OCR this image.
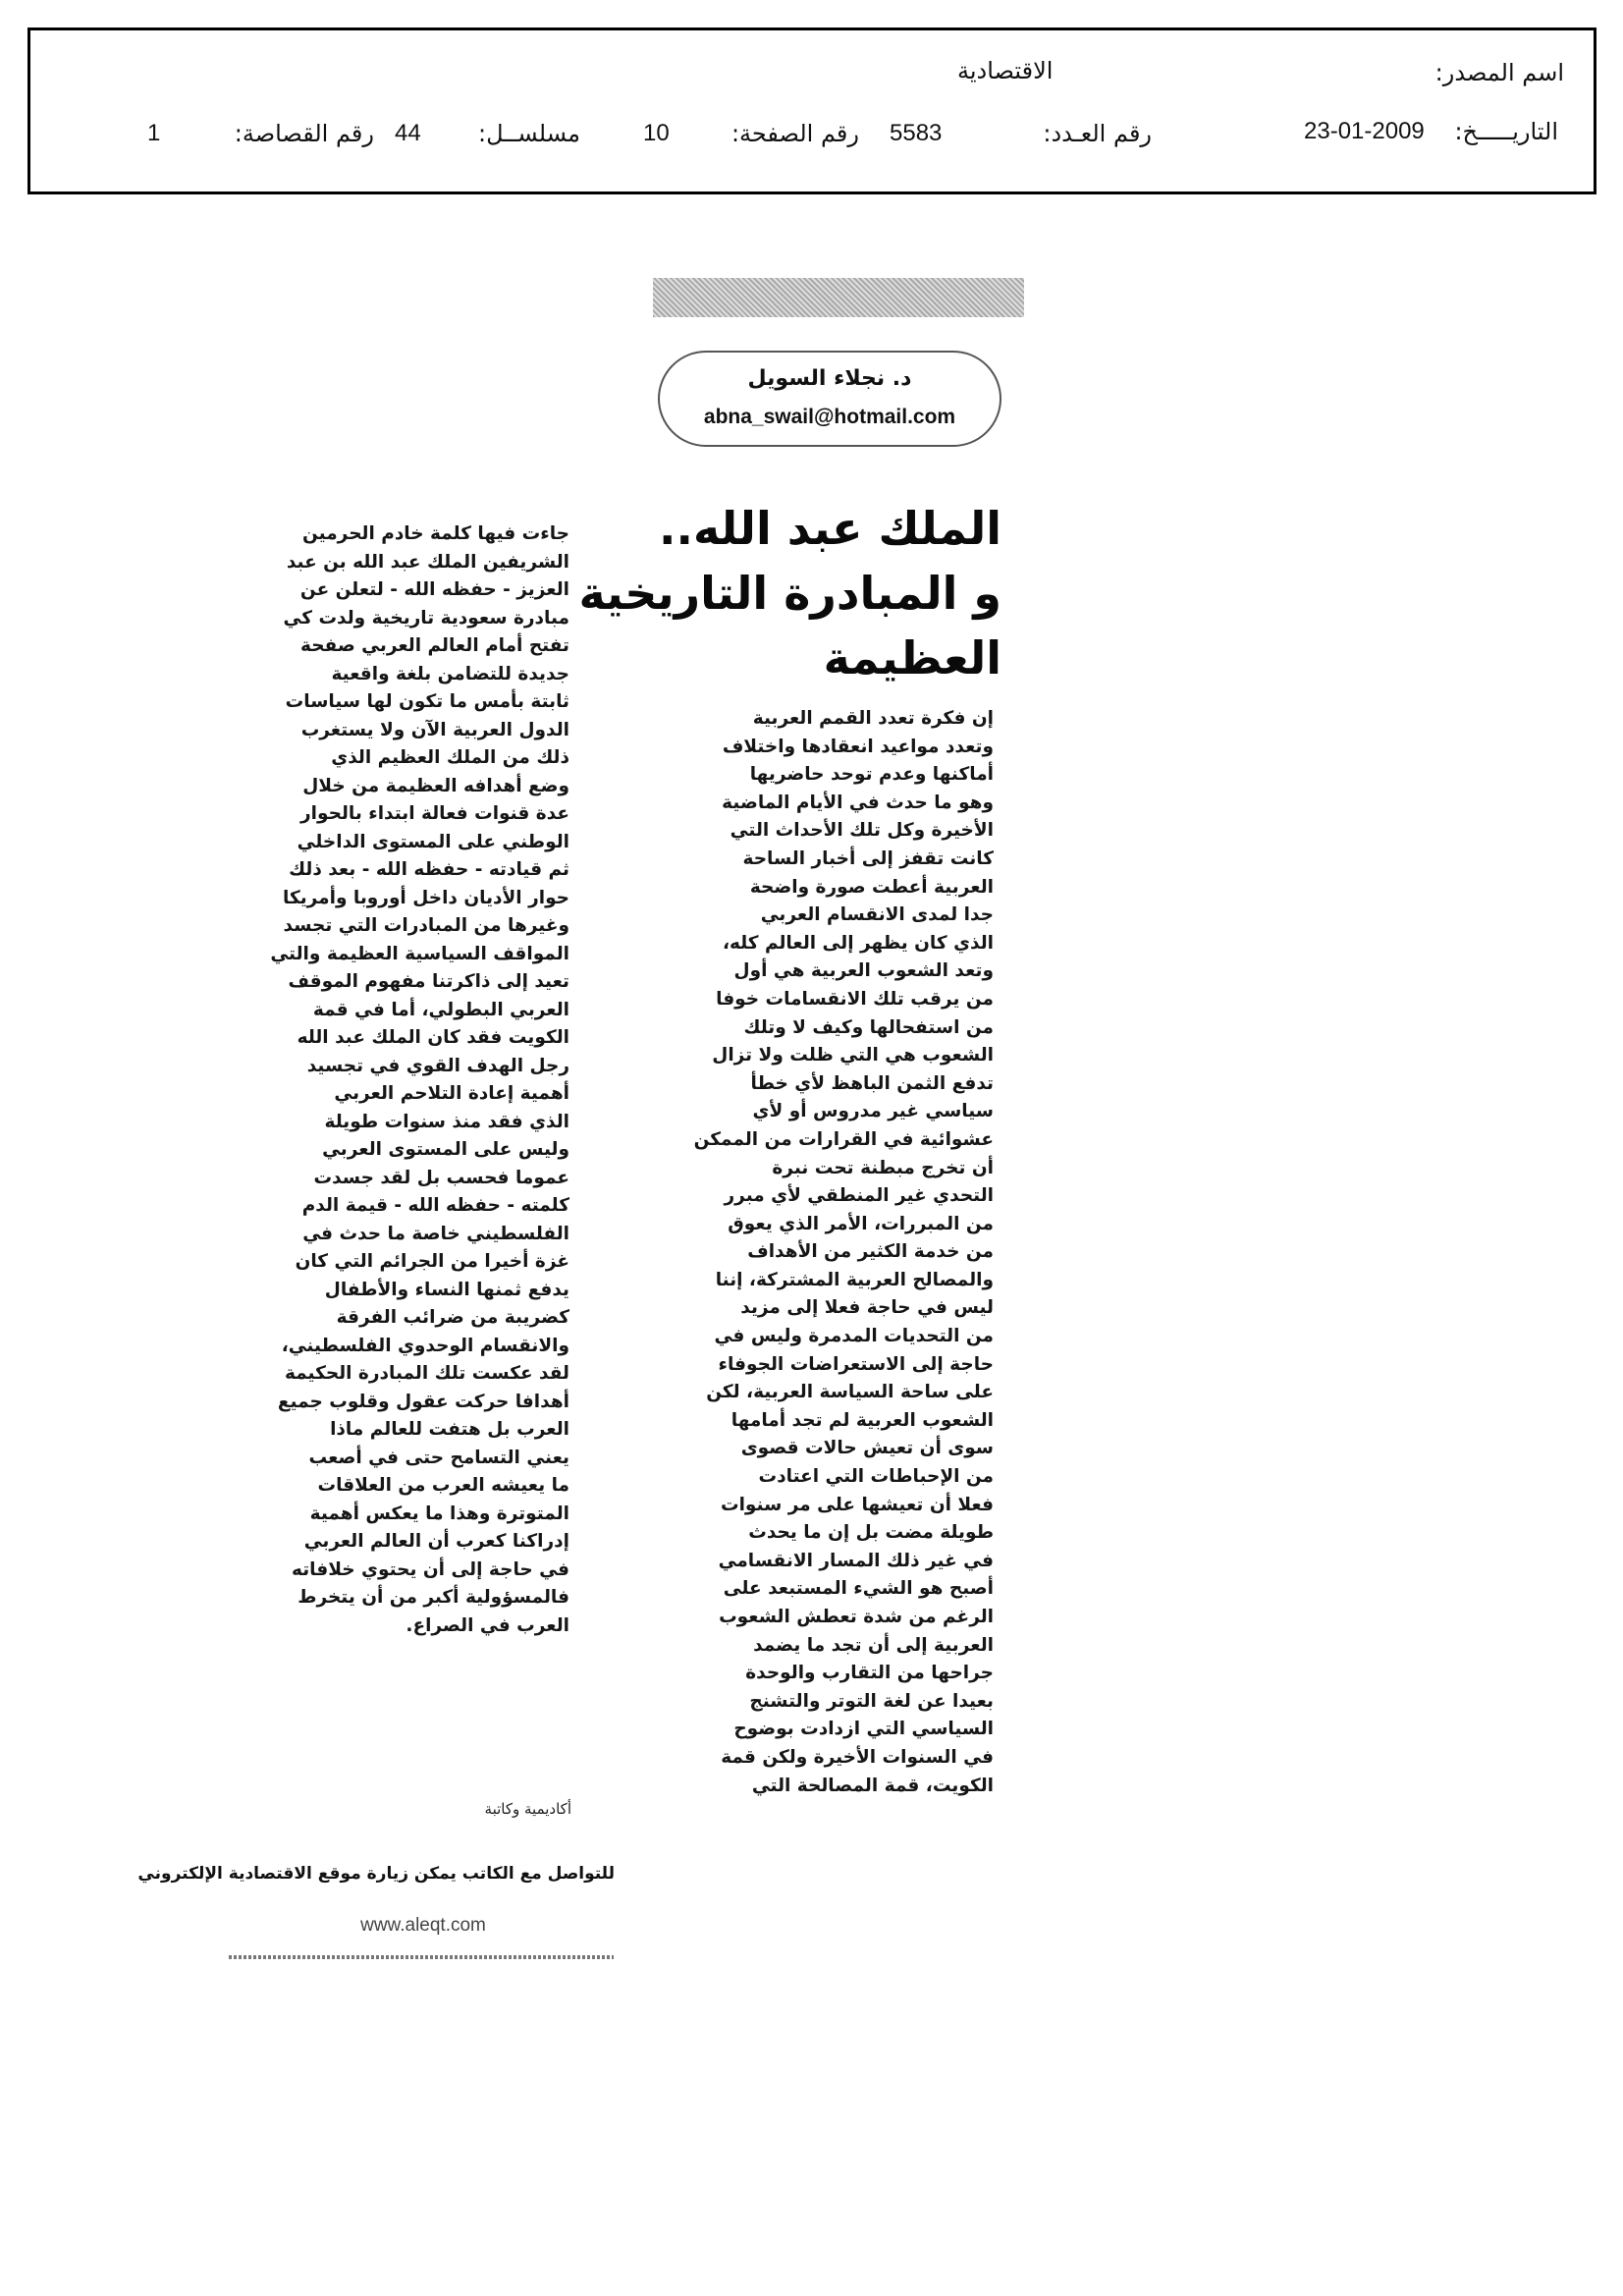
اسم المصدر:
الاقتصادية
التاريـــــخ:
23-01-2009
رقم العـدد:
5583
رقم الصفحة:
10
مسلســل:
44
رقم القصاصة:
1
د. نجلاء السويل
abna_swail@hotmail.com
الملك عبد الله..
و المبادرة التاريخية
العظيمة
إن فكرة تعدد القمم العربية
وتعدد مواعيد انعقادها واختلاف
أماكنها وعدم توحد حاضريها
وهو ما حدث في الأيام الماضية
الأخيرة وكل تلك الأحداث التي
كانت تقفز إلى أخبار الساحة
العربية أعطت صورة واضحة
جدا لمدى الانقسام العربي
الذي كان يظهر إلى العالم كله،
وتعد الشعوب العربية هي أول
من يرقب تلك الانقسامات خوفا
من استفحالها وكيف لا وتلك
الشعوب هي التي ظلت ولا تزال
تدفع الثمن الباهظ لأي خطأ
سياسي غير مدروس أو لأي
عشوائية في القرارات من الممكن
أن تخرج مبطنة تحت نبرة
التحدي غير المنطقي لأي مبرر
من المبررات، الأمر الذي يعوق
من خدمة الكثير من الأهداف
والمصالح العربية المشتركة، إننا
ليس في حاجة فعلا إلى مزيد
من التحديات المدمرة وليس في
حاجة إلى الاستعراضات الجوفاء
على ساحة السياسة العربية، لكن
الشعوب العربية لم تجد أمامها
سوى أن تعيش حالات قصوى
من الإحباطات التي اعتادت
فعلا أن تعيشها على مر سنوات
طويلة مضت بل إن ما يحدث
في غير ذلك المسار الانقسامي
أصبح هو الشيء المستبعد على
الرغم من شدة تعطش الشعوب
العربية إلى أن تجد ما يضمد
جراحها من التقارب والوحدة
بعيدا عن لغة التوتر والتشنج
السياسي التي ازدادت بوضوح
في السنوات الأخيرة ولكن قمة
الكويت، قمة المصالحة التي
جاءت فيها كلمة خادم الحرمين
الشريفين الملك عبد الله بن عبد
العزيز - حفظه الله - لتعلن عن
مبادرة سعودية تاريخية ولدت كي
تفتح أمام العالم العربي صفحة
جديدة للتضامن بلغة واقعية
ثابتة بأمس ما تكون لها سياسات
الدول العربية الآن ولا يستغرب
ذلك من الملك العظيم الذي
وضع أهدافه العظيمة من خلال
عدة قنوات فعالة ابتداء بالحوار
الوطني على المستوى الداخلي
ثم قيادته - حفظه الله - بعد ذلك
حوار الأديان داخل أوروبا وأمريكا
وغيرها من المبادرات التي تجسد
المواقف السياسية العظيمة والتي
تعيد إلى ذاكرتنا مفهوم الموقف
العربي البطولي، أما في قمة
الكويت فقد كان الملك عبد الله
رجل الهدف القوي في تجسيد
أهمية إعادة التلاحم العربي
الذي فقد منذ سنوات طويلة
وليس على المستوى العربي
عموما فحسب بل لقد جسدت
كلمته - حفظه الله - قيمة الدم
الفلسطيني خاصة ما حدث في
غزة أخيرا من الجرائم التي كان
يدفع ثمنها النساء والأطفال
كضريبة من ضرائب الفرقة
والانقسام الوحدوي الفلسطيني،
لقد عكست تلك المبادرة الحكيمة
أهدافا حركت عقول وقلوب جميع
العرب بل هتفت للعالم ماذا
يعني التسامح حتى في أصعب
ما يعيشه العرب من العلاقات
المتوترة وهذا ما يعكس أهمية
إدراكنا كعرب أن العالم العربي
في حاجة إلى أن يحتوي خلافاته
فالمسؤولية أكبر من أن يتخرط
العرب في الصراع.
أكاديمية وكاتبة
للتواصل مع الكاتب يمكن زيارة موقع الاقتصادية الإلكتروني
www.aleqt.com
